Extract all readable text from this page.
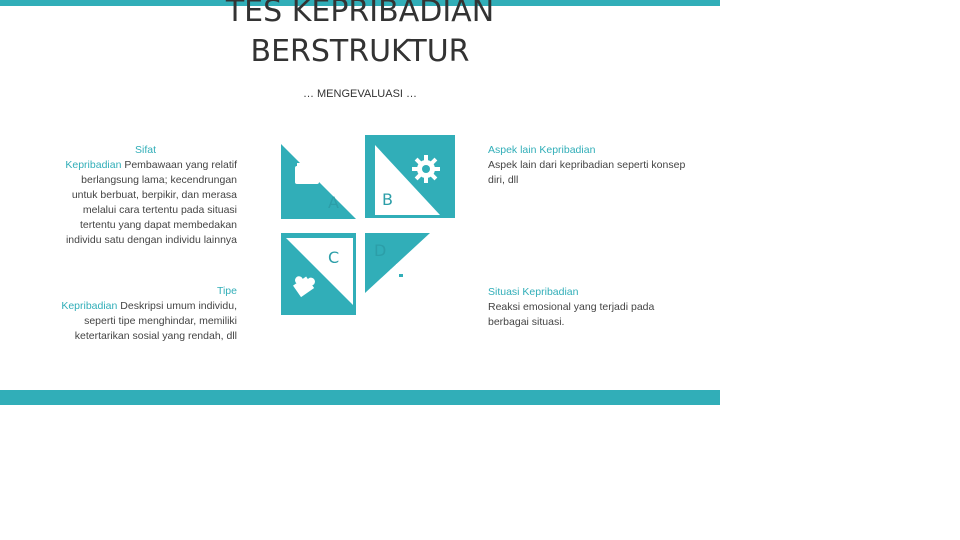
TES KEPRIBADIAN
BERSTRUKTUR
… MENGEVALUASI …
Sifat
Kepribadian Pembawaan yang relatif berlangsung lama; kecendrungan untuk berbuat, berpikir, dan merasa melalui cara tertentu pada situasi tertentu yang dapat membedakan individu satu dengan individu lainnya
Tipe
Kepribadian Deskripsi umum individu, seperti tipe menghindar, memiliki ketertarikan sosial yang rendah, dll
Aspek lain Kepribadian
Aspek lain dari kepribadian seperti konsep diri, dll
Situasi Kepribadian
Reaksi emosional yang terjadi pada berbagai situasi.
A	B
C D
